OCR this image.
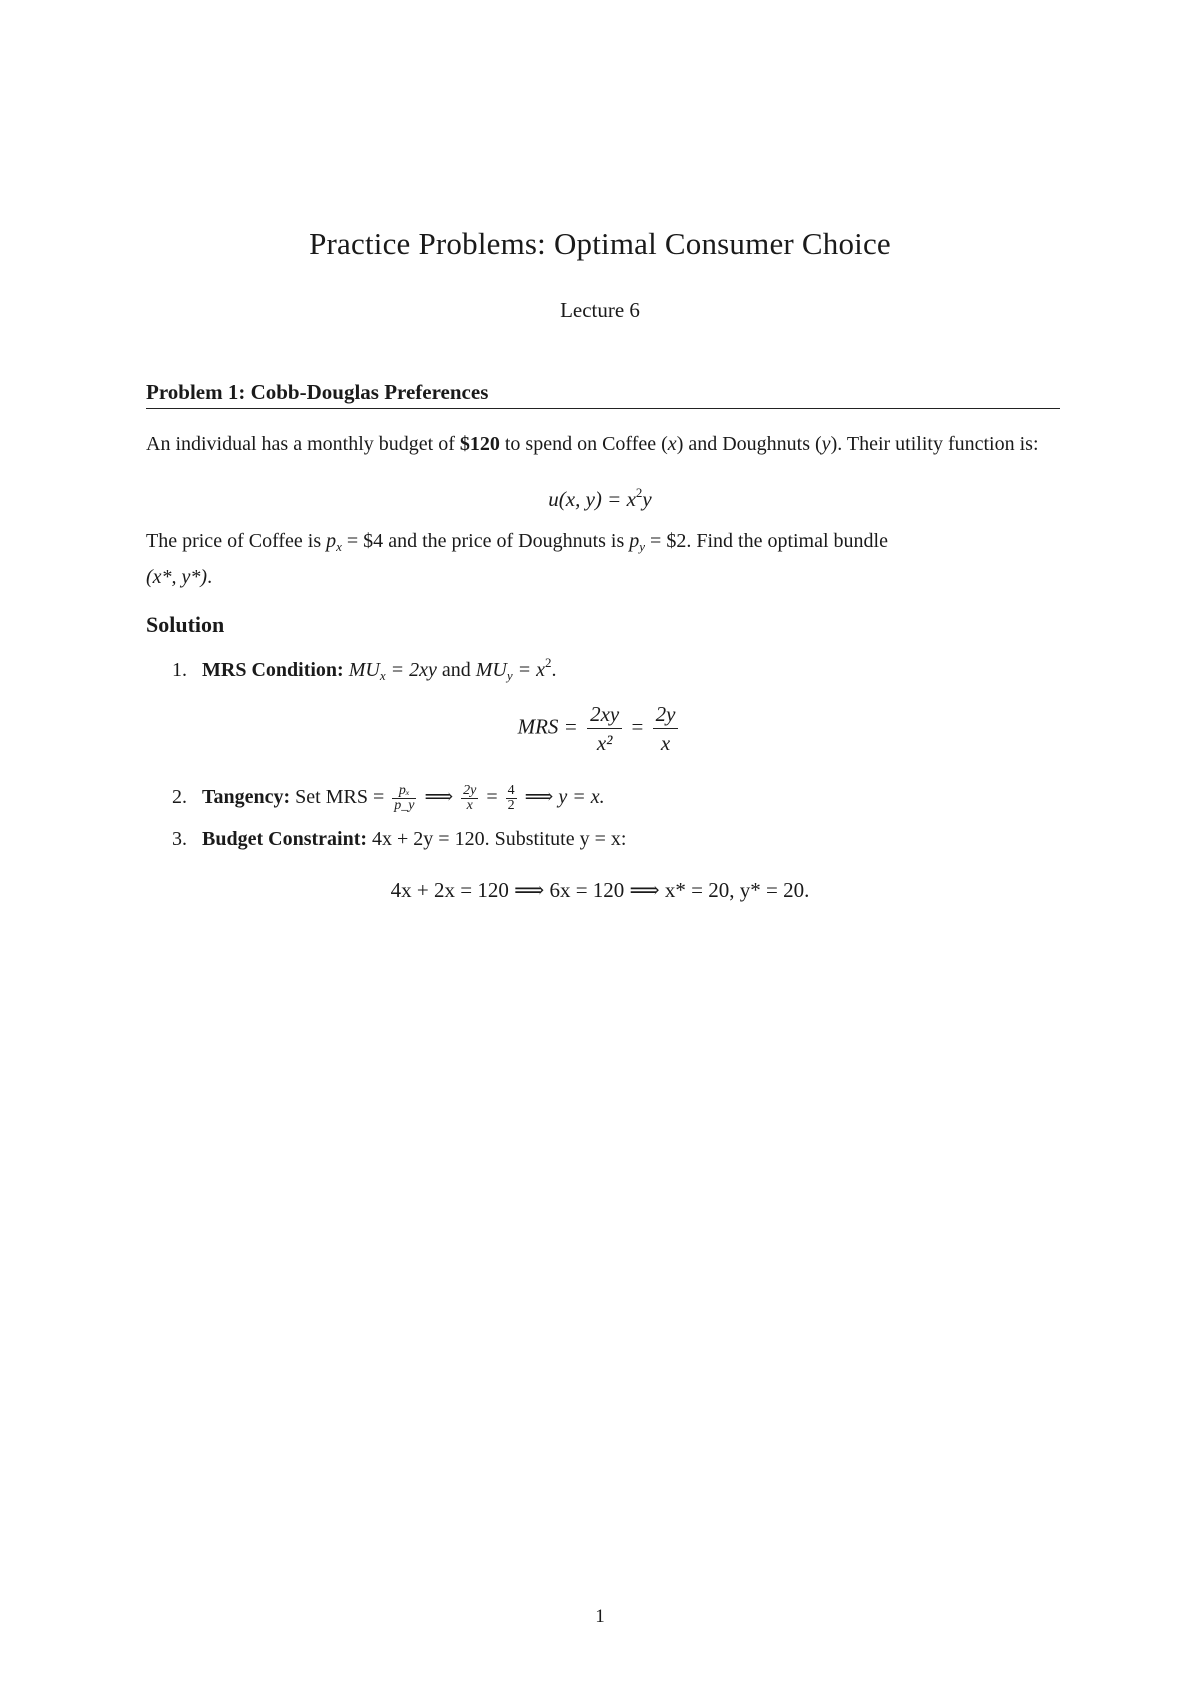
Practice Problems: Optimal Consumer Choice
Lecture 6
Problem 1: Cobb-Douglas Preferences
An individual has a monthly budget of $120 to spend on Coffee (x) and Doughnuts (y). Their utility function is:
u(x, $y) = x^2y$
The price of Coffee is $p_x$ = $4 and the price of Doughnuts is $p_y$ = $2. Find the optimal bundle
(x*, y*).
Solution
1. MRS Condition: $MU_x = 2xy$ and $MU_y = x^2$.
MRS = $\frac{2xy}{\text{x²}} = \frac{2y}{x}$
2. Tangency: Set MRS = $\frac{\text{pₓ}}{p\_y}$ ⟹ $\frac{2y}{x} = \frac{4}{2}$ ⟹ y = x.
3. Budget Constraint: 4x + 2y = 120. Substitute y = x:
4x + 2x = 120 ⟹ 6x = 120 ⟹ x* = 20, y* = 20.
1
